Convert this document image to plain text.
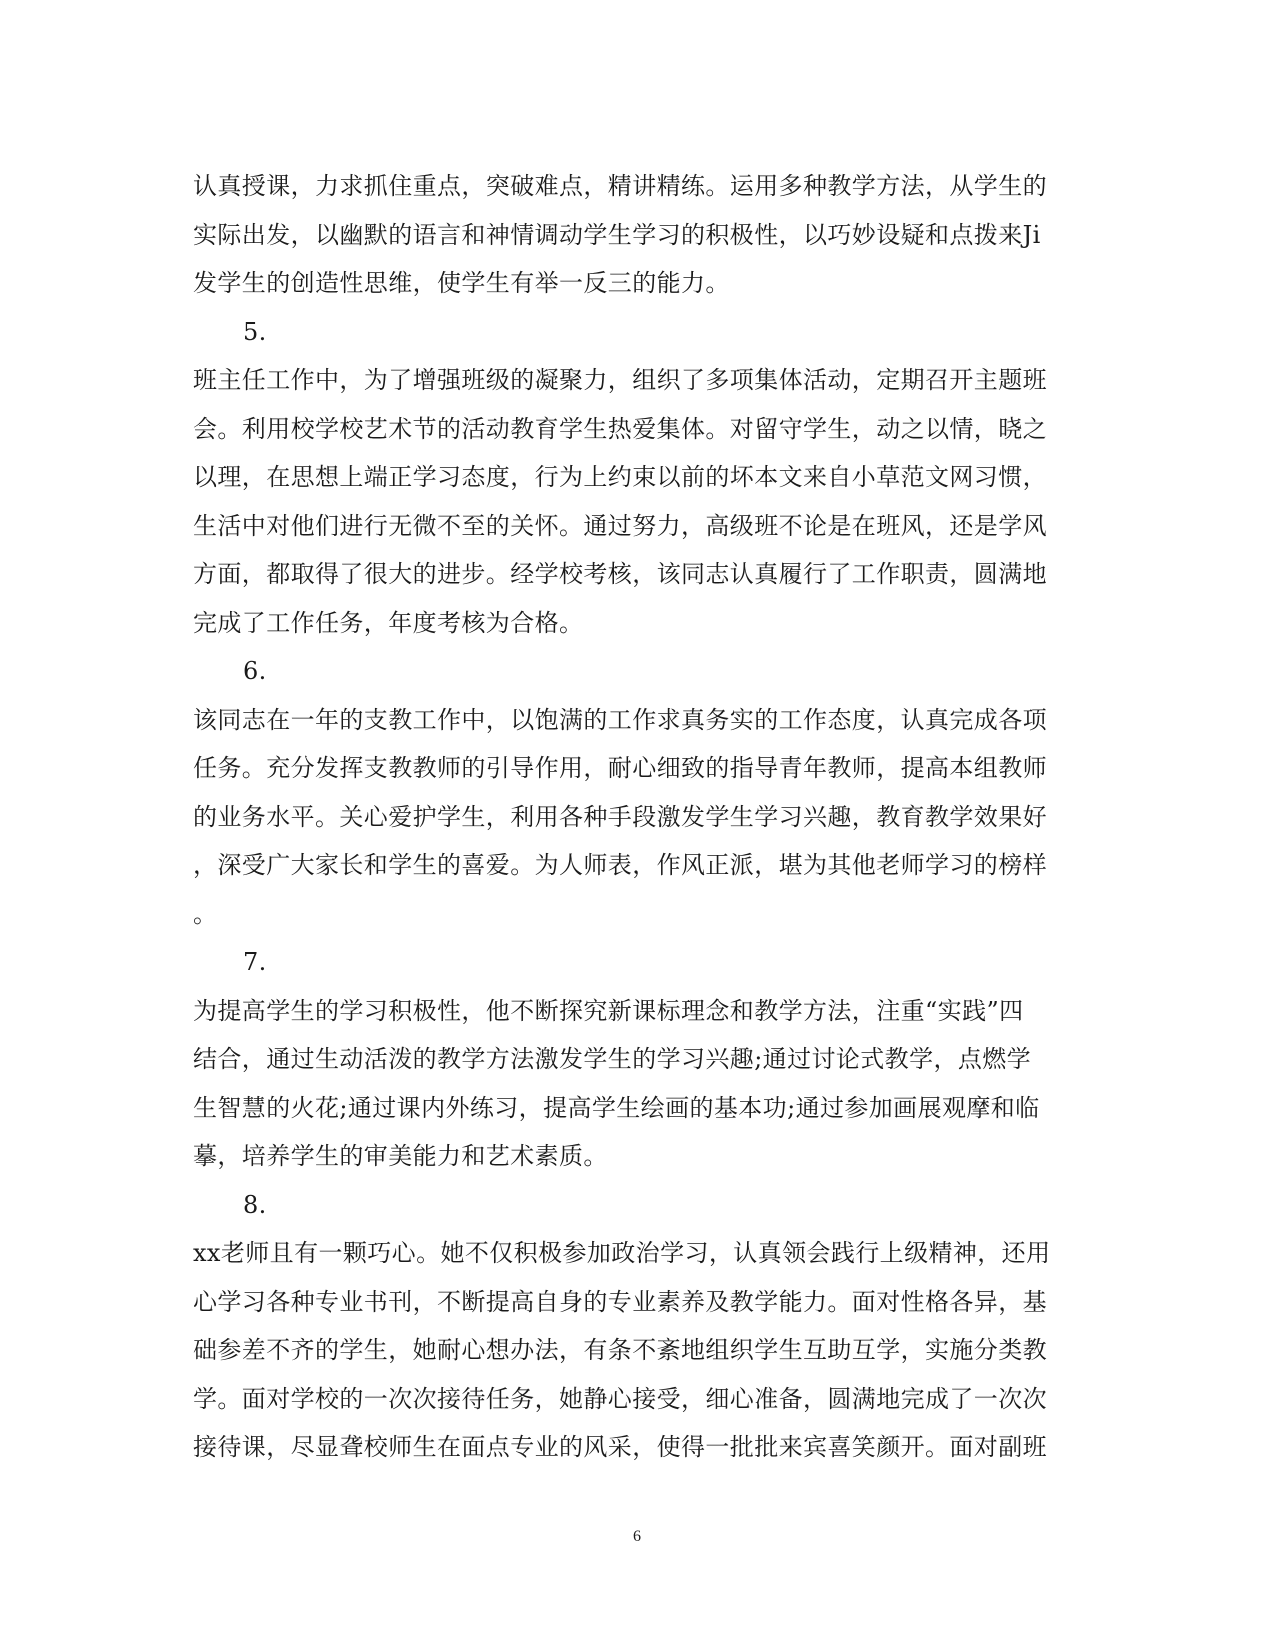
认真授课，力求抓住重点，突破难点，精讲精练。运用多种教学方法，从学生的
实际出发，以幽默的语言和神情调动学生学习的积极性，以巧妙设疑和点拨来Ji
发学生的创造性思维，使学生有举一反三的能力。
5.
班主任工作中，为了增强班级的凝聚力，组织了多项集体活动，定期召开主题班
会。利用校学校艺术节的活动教育学生热爱集体。对留守学生，动之以情，晓之
以理，在思想上端正学习态度，行为上约束以前的坏本文来自小草范文网习惯，
生活中对他们进行无微不至的关怀。通过努力，高级班不论是在班风，还是学风
方面，都取得了很大的进步。经学校考核，该同志认真履行了工作职责，圆满地
完成了工作任务，年度考核为合格。
6.
该同志在一年的支教工作中，以饱满的工作求真务实的工作态度，认真完成各项
任务。充分发挥支教教师的引导作用，耐心细致的指导青年教师，提高本组教师
的业务水平。关心爱护学生，利用各种手段激发学生学习兴趣，教育教学效果好
，深受广大家长和学生的喜爱。为人师表，作风正派，堪为其他老师学习的榜样
。
7.
为提高学生的学习积极性，他不断探究新课标理念和教学方法，注重“实践”四
结合，通过生动活泼的教学方法激发学生的学习兴趣;通过讨论式教学，点燃学
生智慧的火花;通过课内外练习，提高学生绘画的基本功;通过参加画展观摩和临
摹，培养学生的审美能力和艺术素质。
8.
xx老师且有一颗巧心。她不仅积极参加政治学习，认真领会践行上级精神，还用
心学习各种专业书刊，不断提高自身的专业素养及教学能力。面对性格各异，基
础参差不齐的学生，她耐心想办法，有条不紊地组织学生互助互学，实施分类教
学。面对学校的一次次接待任务，她静心接受，细心准备，圆满地完成了一次次
接待课，尽显聋校师生在面点专业的风采，使得一批批来宾喜笑颜开。面对副班
6
